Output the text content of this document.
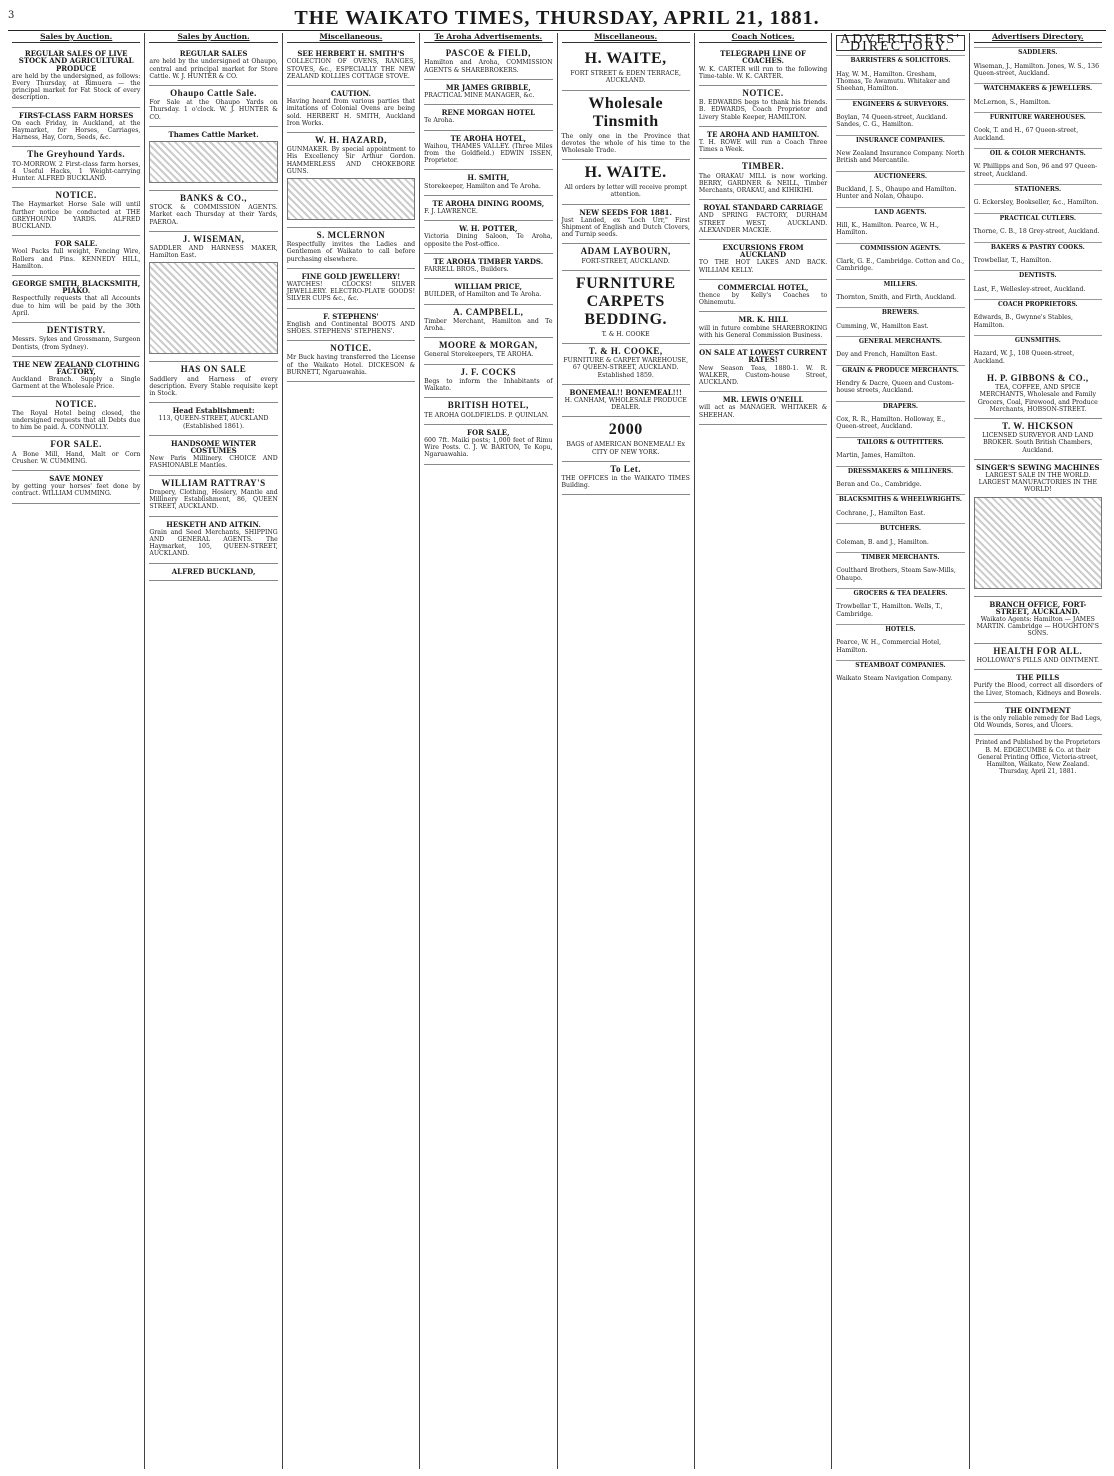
3	THE WAIKATO TIMES, THURSDAY, APRIL 21, 1881.
Sales by Auction.
REGULAR SALES OF LIVE STOCK AND AGRICULTURAL PRODUCE

are held by the undersigned, as follows: Every Thursday, at Rimuera — the principal market for Fat Stock of every description.

FIRST-CLASS FARM HORSES

On each Friday, in Auckland, at the Haymarket, for Horses, Carriages, Harness, Hay, Corn, Seeds, &c.

The Greyhound Yards.

TO-MORROW. 2 First-class farm horses, 4 Useful Hacks, 1 Weight-carrying Hunter. ALFRED BUCKLAND.

NOTICE.

The Haymarket Horse Sale will until further notice be conducted at THE GREYHOUND YARDS. ALFRED BUCKLAND.

FOR SALE.

Wool Packs full weight, Fencing Wire, Rollers and Pins. KENNEDY HILL, Hamilton.

GEORGE SMITH, BLACKSMITH, PIAKO.

Respectfully requests that all Accounts due to him will be paid by the 30th April.

DENTISTRY.

Messrs. Sykes and Grossmann, Surgeon Dentists, (from Sydney).

THE NEW ZEALAND CLOTHING FACTORY,

Auckland Branch. Supply a Single Garment at the Wholesale Price.

NOTICE.

The Royal Hotel being closed, the undersigned requests that all Debts due to him be paid. A. CONNOLLY.

FOR SALE.

A Bone Mill, Hand, Malt or Corn Crusher. W. CUMMING.

SAVE MONEY

by getting your horses' feet done by contract. WILLIAM CUMMING.

Sales by Auction.
REGULAR SALES

are held by the undersigned at Ohaupo, central and principal market for Store Cattle. W. J. HUNTER & CO.

Ohaupo Cattle Sale.

For Sale at the Ohaupo Yards on Thursday. 1 o'clock. W. J. HUNTER & CO.

Thames Cattle Market.
BANKS & CO.,

STOCK & COMMISSION AGENTS. Market each Thursday at their Yards, PAEROA.

J. WISEMAN,

SADDLER AND HARNESS MAKER, Hamilton East.

HAS ON SALE

Saddlery and Harness of every description. Every Stable requisite kept in Stock.

Head Establishment:

113, QUEEN-STREET, AUCKLAND (Established 1861).

HANDSOME WINTER COSTUMES

New Paris Millinery. CHOICE AND FASHIONABLE Mantles.

WILLIAM RATTRAY'S

Drapery, Clothing, Hosiery, Mantle and Millinery Establishment, 86, QUEEN STREET, AUCKLAND.

HESKETH AND AITKIN.

Grain and Seed Merchants, SHIPPING AND GENERAL AGENTS. The Haymarket, 105, QUEEN-STREET, AUCKLAND.

ALFRED BUCKLAND,
Miscellaneous.
SEE HERBERT H. SMITH'S

COLLECTION OF OVENS, RANGES, STOVES, &c., ESPECIALLY THE NEW ZEALAND KOLLIES COTTAGE STOVE.

CAUTION.

Having heard from various parties that imitations of Colonial Ovens are being sold. HERBERT H. SMITH, Auckland Iron Works.

W. H. HAZARD,

GUNMAKER. By special appointment to His Excellency Sir Arthur Gordon. HAMMERLESS AND CHOKEBORE GUNS.

S. MCLERNON

Respectfully invites the Ladies and Gentlemen of Waikato to call before purchasing elsewhere.

FINE GOLD JEWELLERY!

WATCHES! CLOCKS! SILVER JEWELLERY. ELECTRO-PLATE GOODS! SILVER CUPS &c., &c.

F. STEPHENS'

English and Continental BOOTS AND SHOES. STEPHENS' STEPHENS'.

NOTICE.

Mr Buck having transferred the License of the Waikato Hotel. DICKESON & BURNETT, Ngaruawahia.

Te Aroha Advertisements.
PASCOE & FIELD,

Hamilton and Aroha, COMMISSION AGENTS & SHAREBROKERS.

MR JAMES GRIBBLE,

PRACTICAL MINE MANAGER, &c.

RENE MORGAN HOTEL

Te Aroha.

TE AROHA HOTEL,

Waihou, THAMES VALLEY. (Three Miles from the Goldfield.) EDWIN ISSEN, Proprietor.

H. SMITH,

Storekeeper, Hamilton and Te Aroha.

TE AROHA DINING ROOMS,

F. J. LAWRENCE.

W. H. POTTER,

Victoria Dining Saloon, Te Aroha, opposite the Post-office.

TE AROHA TIMBER YARDS.

FARRELL BROS., Builders.

WILLIAM PRICE,

BUILDER, of Hamilton and Te Aroha.

A. CAMPBELL,

Timber Merchant, Hamilton and Te Aroha.

MOORE & MORGAN,

General Storekeepers, TE AROHA.

J. F. COCKS

Begs to inform the Inhabitants of Waikato.

BRITISH HOTEL,

TE AROHA GOLDFIELDS. P. QUINLAN.

FOR SALE,

600 7ft. Maiki posts; 1,000 feet of Rimu Wire Posts. C. J. W. BARTON, Te Kopu, Ngaruawahia.

Miscellaneous.
H. WAITE,

FORT STREET & EDEN TERRACE, AUCKLAND.

Wholesale Tinsmith

The only one in the Province that devotes the whole of his time to the Wholesale Trade.

H. WAITE.

All orders by letter will receive prompt attention.

NEW SEEDS FOR 1881.

Just Landed, ex "Loch Urr," First Shipment of English and Dutch Clovers, and Turnip seeds.

ADAM LAYBOURN,

FORT-STREET, AUCKLAND.

FURNITURE CARPETS BEDDING.

T. & H. COOKE

T. & H. COOKE,

FURNITURE & CARPET WAREHOUSE, 67 QUEEN-STREET, AUCKLAND. Established 1859.

BONEMEAL!! BONEMEAL!!!

H. CANHAM, WHOLESALE PRODUCE DEALER.

2000

BAGS of AMERICAN BONEMEAL! Ex CITY OF NEW YORK.

To Let.

THE OFFICES in the WAIKATO TIMES Building.

Coach Notices.
TELEGRAPH LINE OF COACHES.

W. K. CARTER will run to the following Time-table. W. K. CARTER.

NOTICE.

B. EDWARDS begs to thank his friends. B. EDWARDS, Coach Proprietor and Livery Stable Keeper, HAMILTON.

TE AROHA AND HAMILTON.

T. H. ROWE will run a Coach Three Times a Week.

TIMBER.

The ORAKAU MILL is now working. BERRY, GARDNER & NEILL, Timber Merchants, ORAKAU, and KIHIKIHI.

ROYAL STANDARD CARRIAGE

AND SPRING FACTORY, DURHAM STREET WEST, AUCKLAND. ALEXANDER MACKIE.

EXCURSIONS FROM AUCKLAND

TO THE HOT LAKES AND BACK. WILLIAM KELLY.

COMMERCIAL HOTEL,

thence by Kelly's Coaches to Ohinemutu.

MR. K. HILL

will in future combine SHAREBROKING with his General Commission Business.

ON SALE AT LOWEST CURRENT RATES!

New Season Teas, 1880-1. W. R. WALKER, Custom-house Street, AUCKLAND.

MR. LEWIS O'NEILL

will act as MANAGER. WHITAKER & SHEEHAN.

ADVERTISERS' DIRECTORY.
BARRISTERS & SOLICITORS.

Hay, W. M., Hamilton. Gresham, Thomas, Te Awamutu. Whitaker and Sheehan, Hamilton.

ENGINEERS & SURVEYORS.

Boylan, 74 Queen-street, Auckland. Sandes, C. G., Hamilton.

INSURANCE COMPANIES.

New Zealand Insurance Company. North British and Mercantile.

AUCTIONEERS.

Buckland, J. S., Ohaupo and Hamilton. Hunter and Nolan, Ohaupo.

LAND AGENTS.

Hill, K., Hamilton. Pearce, W. H., Hamilton.

COMMISSION AGENTS.

Clark, G. E., Cambridge. Cotton and Co., Cambridge.

MILLERS.

Thornton, Smith, and Firth, Auckland.

BREWERS.

Cumming, W., Hamilton East.

GENERAL MERCHANTS.

Dey and French, Hamilton East.

GRAIN & PRODUCE MERCHANTS.

Hendry & Dacre, Queen and Custom-house streets, Auckland.

DRAPERS.

Cox, R. R., Hamilton. Holloway, E., Queen-street, Auckland.

TAILORS & OUTFITTERS.

Martin, James, Hamilton.

DRESSMAKERS & MILLINERS.

Beran and Co., Cambridge.

BLACKSMITHS & WHEELWRIGHTS.

Cochrane, J., Hamilton East.

BUTCHERS.

Coleman, B. and J., Hamilton.

TIMBER MERCHANTS.

Coulthard Brothers, Steam Saw-Mills, Ohaupo.

GROCERS & TEA DEALERS.

Trowbellar T., Hamilton. Wells, T., Cambridge.

HOTELS.

Pearce, W. H., Commercial Hotel, Hamilton.

STEAMBOAT COMPANIES.

Waikato Steam Navigation Company.

Advertisers Directory.
SADDLERS.

Wiseman, J., Hamilton. Jones, W. S., 136 Queen-street, Auckland.

WATCHMAKERS & JEWELLERS.

McLernon, S., Hamilton.

FURNITURE WAREHOUSES.

Cook, T. and H., 67 Queen-street, Auckland.

OIL & COLOR MERCHANTS.

W. Phillipps and Son, 96 and 97 Queen-street, Auckland.

STATIONERS.

G. Eckersley, Bookseller, &c., Hamilton.

PRACTICAL CUTLERS.

Thorne, C. B., 18 Grey-street, Auckland.

BAKERS & PASTRY COOKS.

Trowbellar, T., Hamilton.

DENTISTS.

Last, F., Wellesley-street, Auckland.

COACH PROPRIETORS.

Edwards, B., Gwynne's Stables, Hamilton.

GUNSMITHS.

Hazard, W. J., 108 Queen-street, Auckland.

H. P. GIBBONS & CO.,

TEA, COFFEE, AND SPICE MERCHANTS, Wholesale and Family Grocers, Coal, Firewood, and Produce Merchants, HOBSON-STREET.

T. W. HICKSON

LICENSED SURVEYOR AND LAND BROKER. South British Chambers, Auckland.

SINGER'S SEWING MACHINES

LARGEST SALE IN THE WORLD. LARGEST MANUFACTORIES IN THE WORLD!

BRANCH OFFICE, FORT-STREET, AUCKLAND.

Waikato Agents: Hamilton — JAMES MARTIN. Cambridge — HOUGHTON'S SONS.

HEALTH FOR ALL.

HOLLOWAY'S PILLS AND OINTMENT.

THE PILLS

Purify the Blood, correct all disorders of the Liver, Stomach, Kidneys and Bowels.

THE OINTMENT

is the only reliable remedy for Bad Legs, Old Wounds, Sores, and Ulcers.

Printed and Published by the Proprietors B. M. EDGECUMBE & Co. at their General Printing Office, Victoria-street, Hamilton, Waikato, New Zealand. Thursday, April 21, 1881.
